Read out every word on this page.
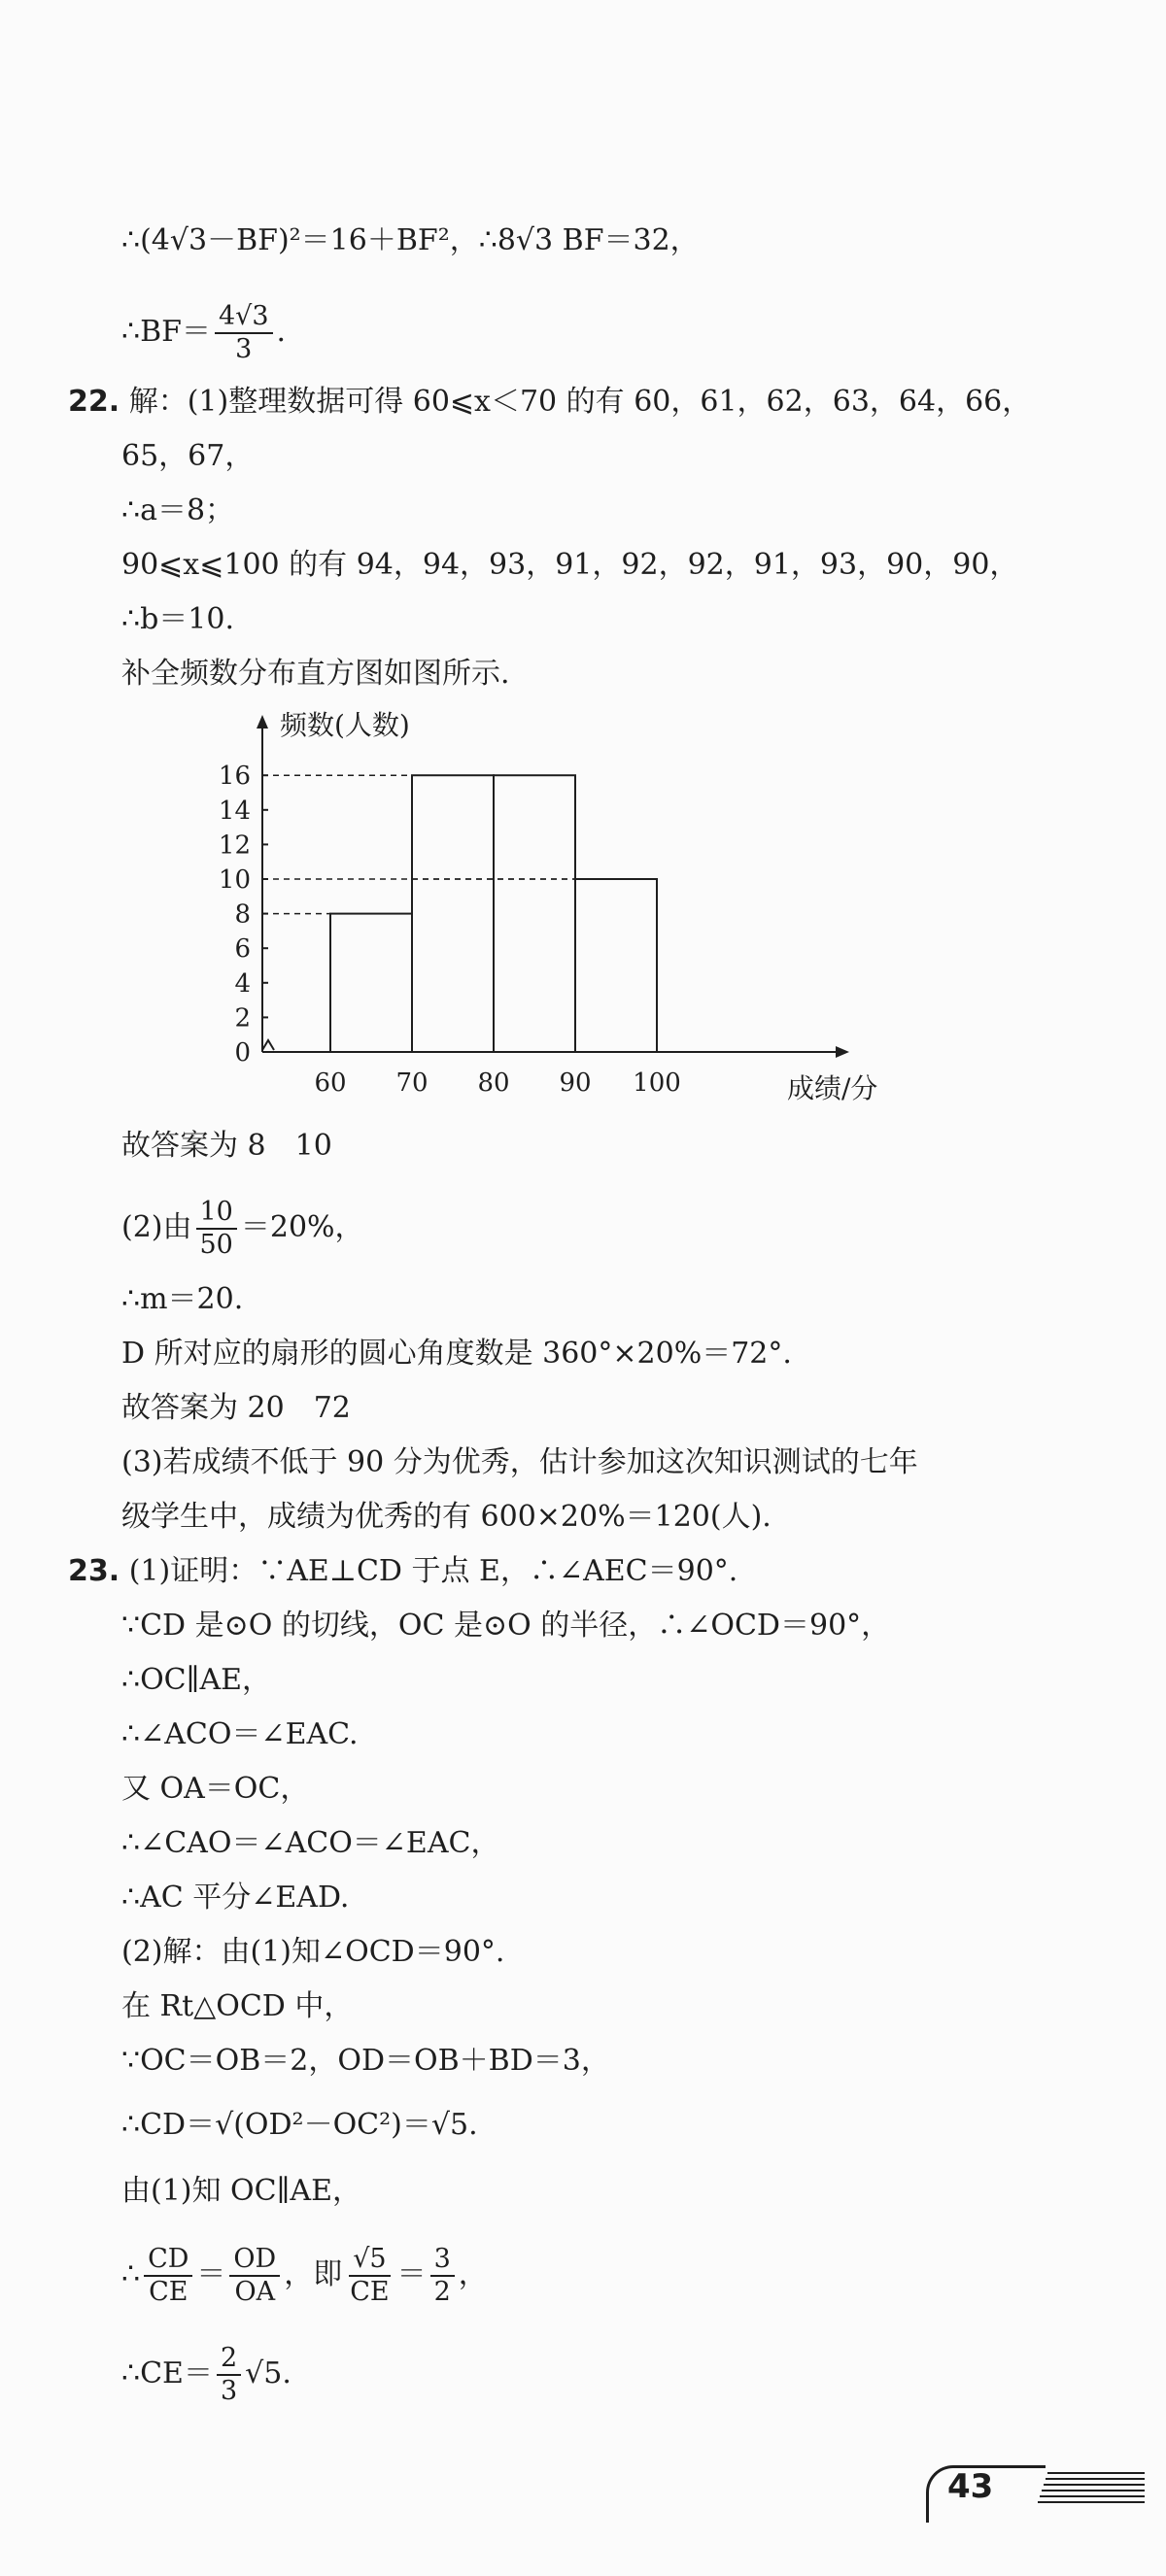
∴(4√3－BF)²＝16＋BF²，∴8√3 BF＝32，
∴BF＝ $\frac{4√3}{3}$ .
22. 解：(1)整理数据可得 60⩽x＜70 的有 60，61，62，63，64，66，
65，67，
∴a＝8；
90⩽x⩽100 的有 94，94，93，91，92，92，91，93，90，90，
∴b＝10.
补全频数分布直方图如图所示.
频数(人数)
成绩/分
0
2
4
6
8
10
12
14
16
60 70 80 90 100
故答案为 8　10
(2)由 $\frac{10}{50} =20\%$，
∴m＝20.
D 所对应的扇形的圆心角度数是 360°×20%＝72°.
故答案为 20　72
(3)若成绩不低于 90 分为优秀，估计参加这次知识测试的七年
级学生中，成绩为优秀的有 600×20%＝120(人).
23. (1)证明：∵AE⊥CD 于点 E，∴∠AEC＝90°.
∵CD 是⊙O 的切线，OC 是⊙O 的半径，∴∠OCD＝90°，
∴OC∥AE，
∴∠ACO＝∠EAC.
又 OA＝OC，
∴∠CAO＝∠ACO＝∠EAC，
∴AC 平分∠EAD.
(2)解：由(1)知∠OCD＝90°.
在 Rt△OCD 中，
∵OC＝OB＝2，OD＝OB＋BD＝3，
∴CD＝√(OD²－OC²)＝√5.
由(1)知 OC∥AE，
∴ $\frac{CD}{CE} = \frac{OD}{OA}$ ，即 $\frac{√5}{CE} = \frac{3}{2}$ ，
∴CE＝ $\frac{2}{3} √5$.
43
